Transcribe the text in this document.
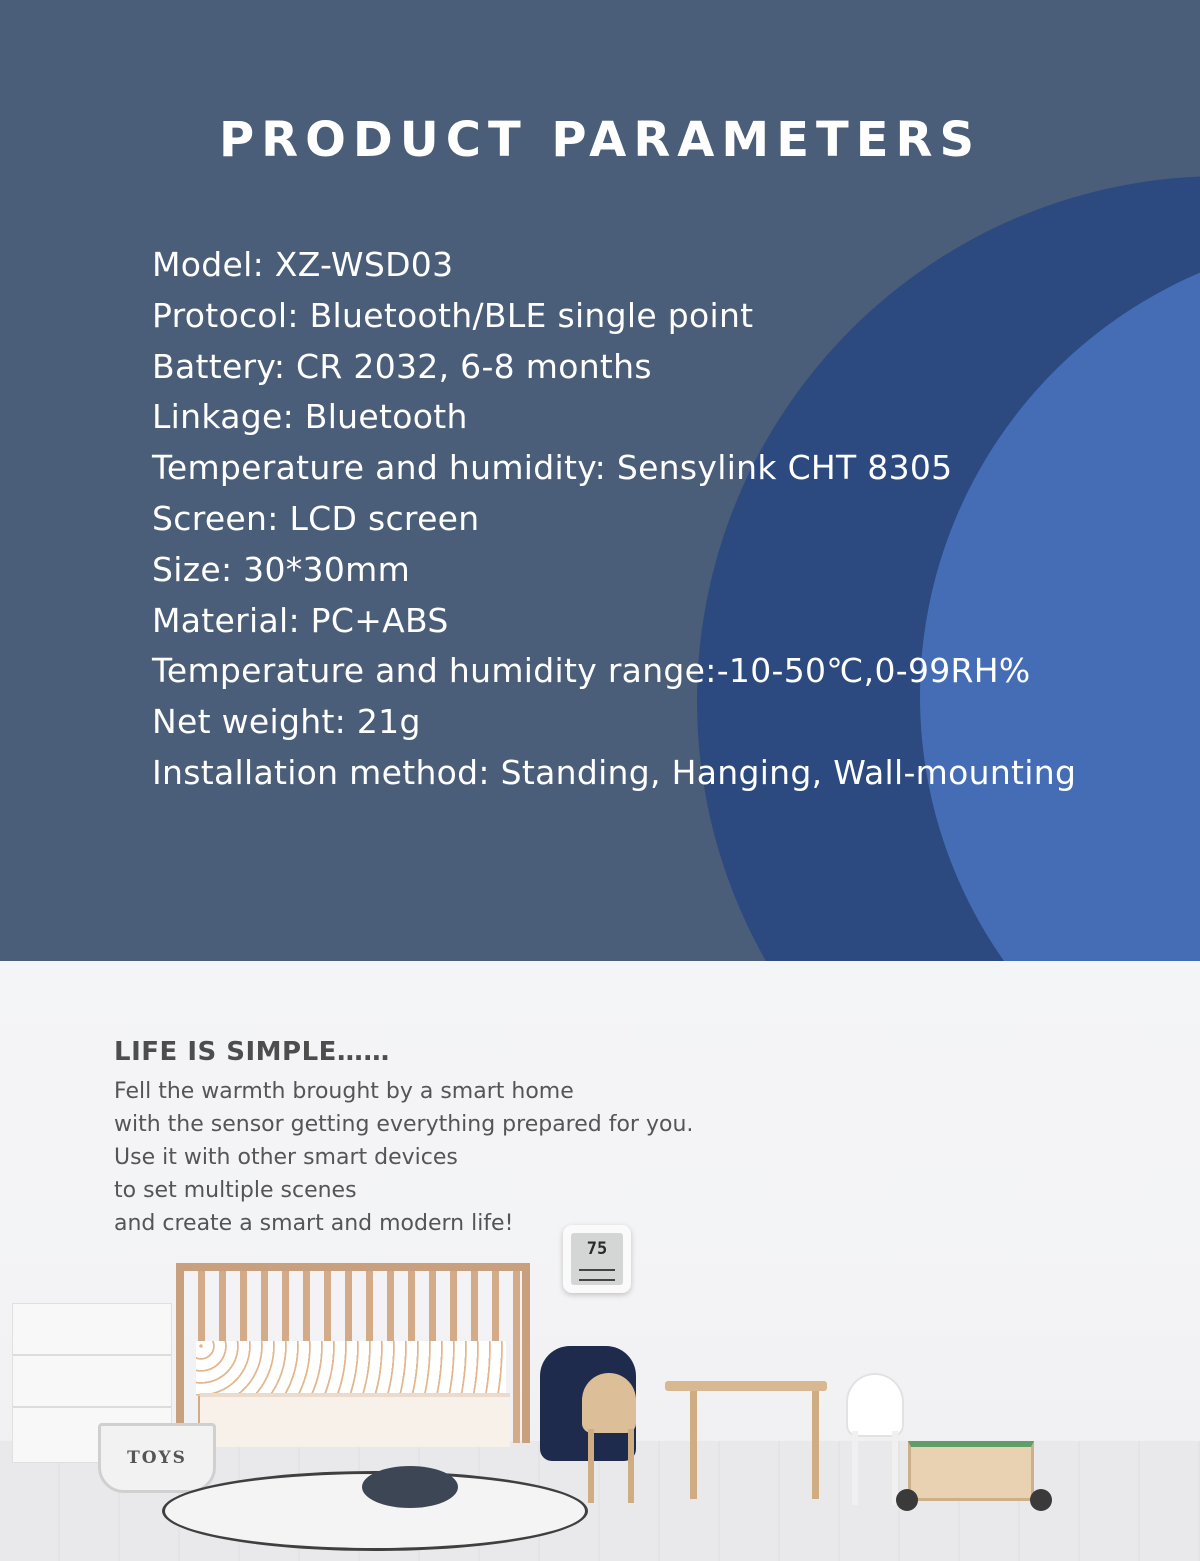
PRODUCT PARAMETERS
Model: XZ-WSD03
Protocol: Bluetooth/BLE single point
Battery: CR 2032, 6-8 months
Linkage: Bluetooth
Temperature and humidity: Sensylink CHT 8305
Screen: LCD screen
Size: 30*30mm
Material: PC+ABS
Temperature and humidity range:-10-50℃,0-99RH%
Net weight: 21g
Installation method: Standing, Hanging, Wall-mounting
LIFE IS SIMPLE……
Fell the warmth brought by a smart home
with the sensor getting everything prepared for you.
Use it with other smart devices
to set multiple scenes
and create a smart and modern life!
75
TOYS
